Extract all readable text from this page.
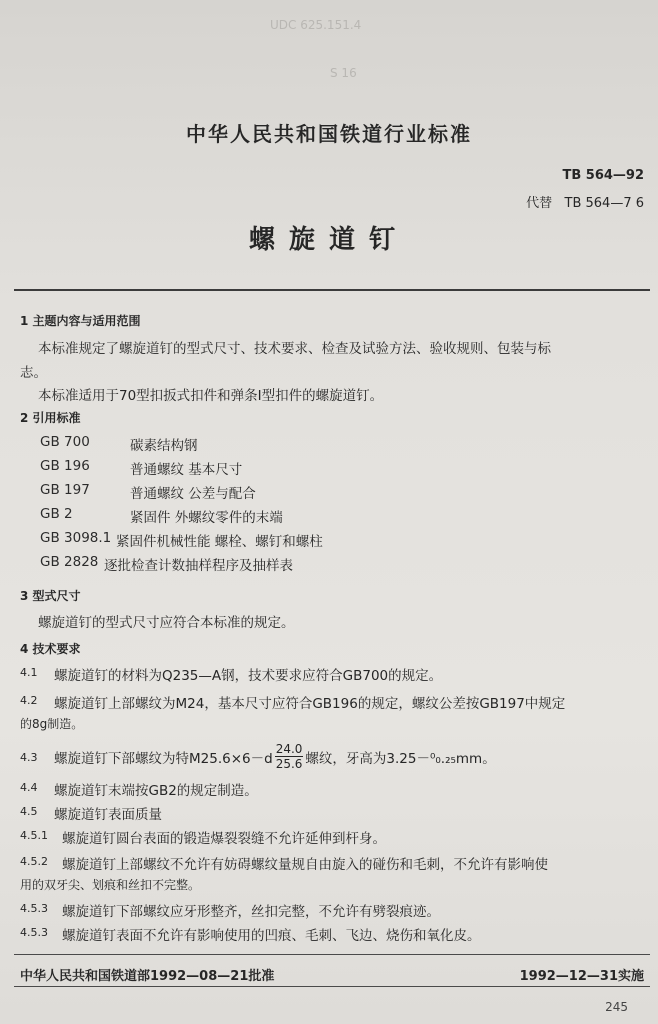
UDC 625.151.4
S 16
中华人民共和国铁道行业标准
TB 564—92
代替 TB 564—7 6
螺旋道钉
1 主题内容与适用范围
本标准规定了螺旋道钉的型式尺寸、技术要求、检查及试验方法、验收规则、包装与标
志。
本标准适用于70型扣扳式扣件和弹条Ⅰ型扣件的螺旋道钉。
2 引用标准
GB 700	碳素结构钢
GB 196	普通螺纹 基本尺寸
GB 197	普通螺纹 公差与配合
GB 2	紧固件 外螺纹零件的末端
GB 3098.1 紧固件机械性能 螺栓、螺钉和螺柱
GB 2828 逐批检查计数抽样程序及抽样表
3 型式尺寸
螺旋道钉的型式尺寸应符合本标准的规定。
4 技术要求
4.1	螺旋道钉的材料为Q235—A钢，技术要求应符合GB700的规定。
4.2	螺旋道钉上部螺纹为M24，基本尺寸应符合GB196的规定，螺纹公差按GB197中规定
的8g制造。
4.3	螺旋道钉下部螺纹为特$M25.6\times 6-d \frac{24.0}{25.6}$ 螺纹，牙高为3.25－⁰₀.₂₅mm。
4.4	螺旋道钉末端按GB2的规定制造。
4.5	螺旋道钉表面质量
4.5.1	螺旋道钉圆台表面的锻造爆裂裂缝不允许延伸到杆身。
4.5.2	螺旋道钉上部螺纹不允许有妨碍螺纹量规自由旋入的碰伤和毛刺，不允许有影响使
用的双牙尖、划痕和丝扣不完整。
4.5.3	螺旋道钉下部螺纹应牙形整齐，丝扣完整，不允许有劈裂痕迹。
4.5.3	螺旋道钉表面不允许有影响使用的凹痕、毛刺、飞边、烧伤和氧化皮。
中华人民共和国铁道部1992—08—21批准	1992—12—31实施
245
